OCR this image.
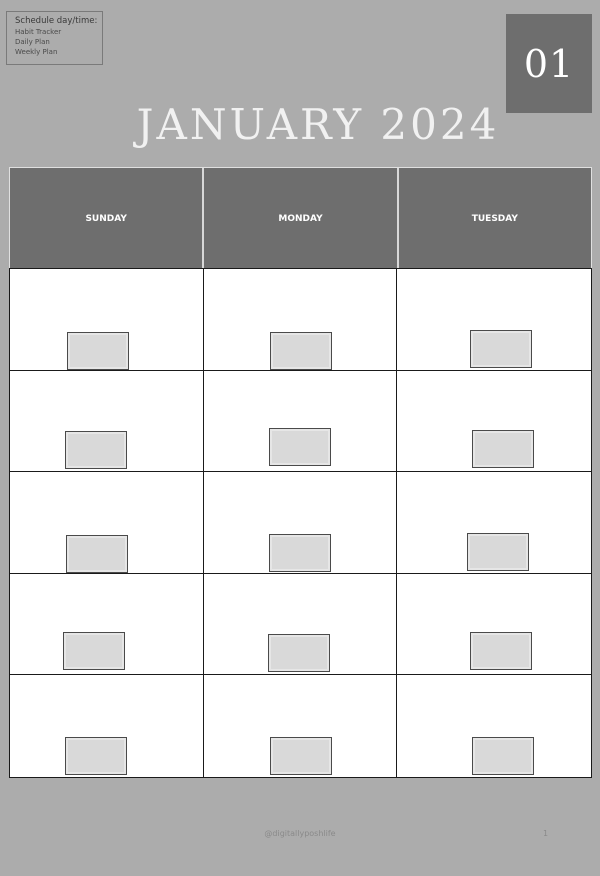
Schedule day/time:
Habit Tracker
Daily Plan
Weekly Plan	01
JANUARY 2024
SUNDAY	MONDAY	TUESDAY
@digitallyposhlife	1
